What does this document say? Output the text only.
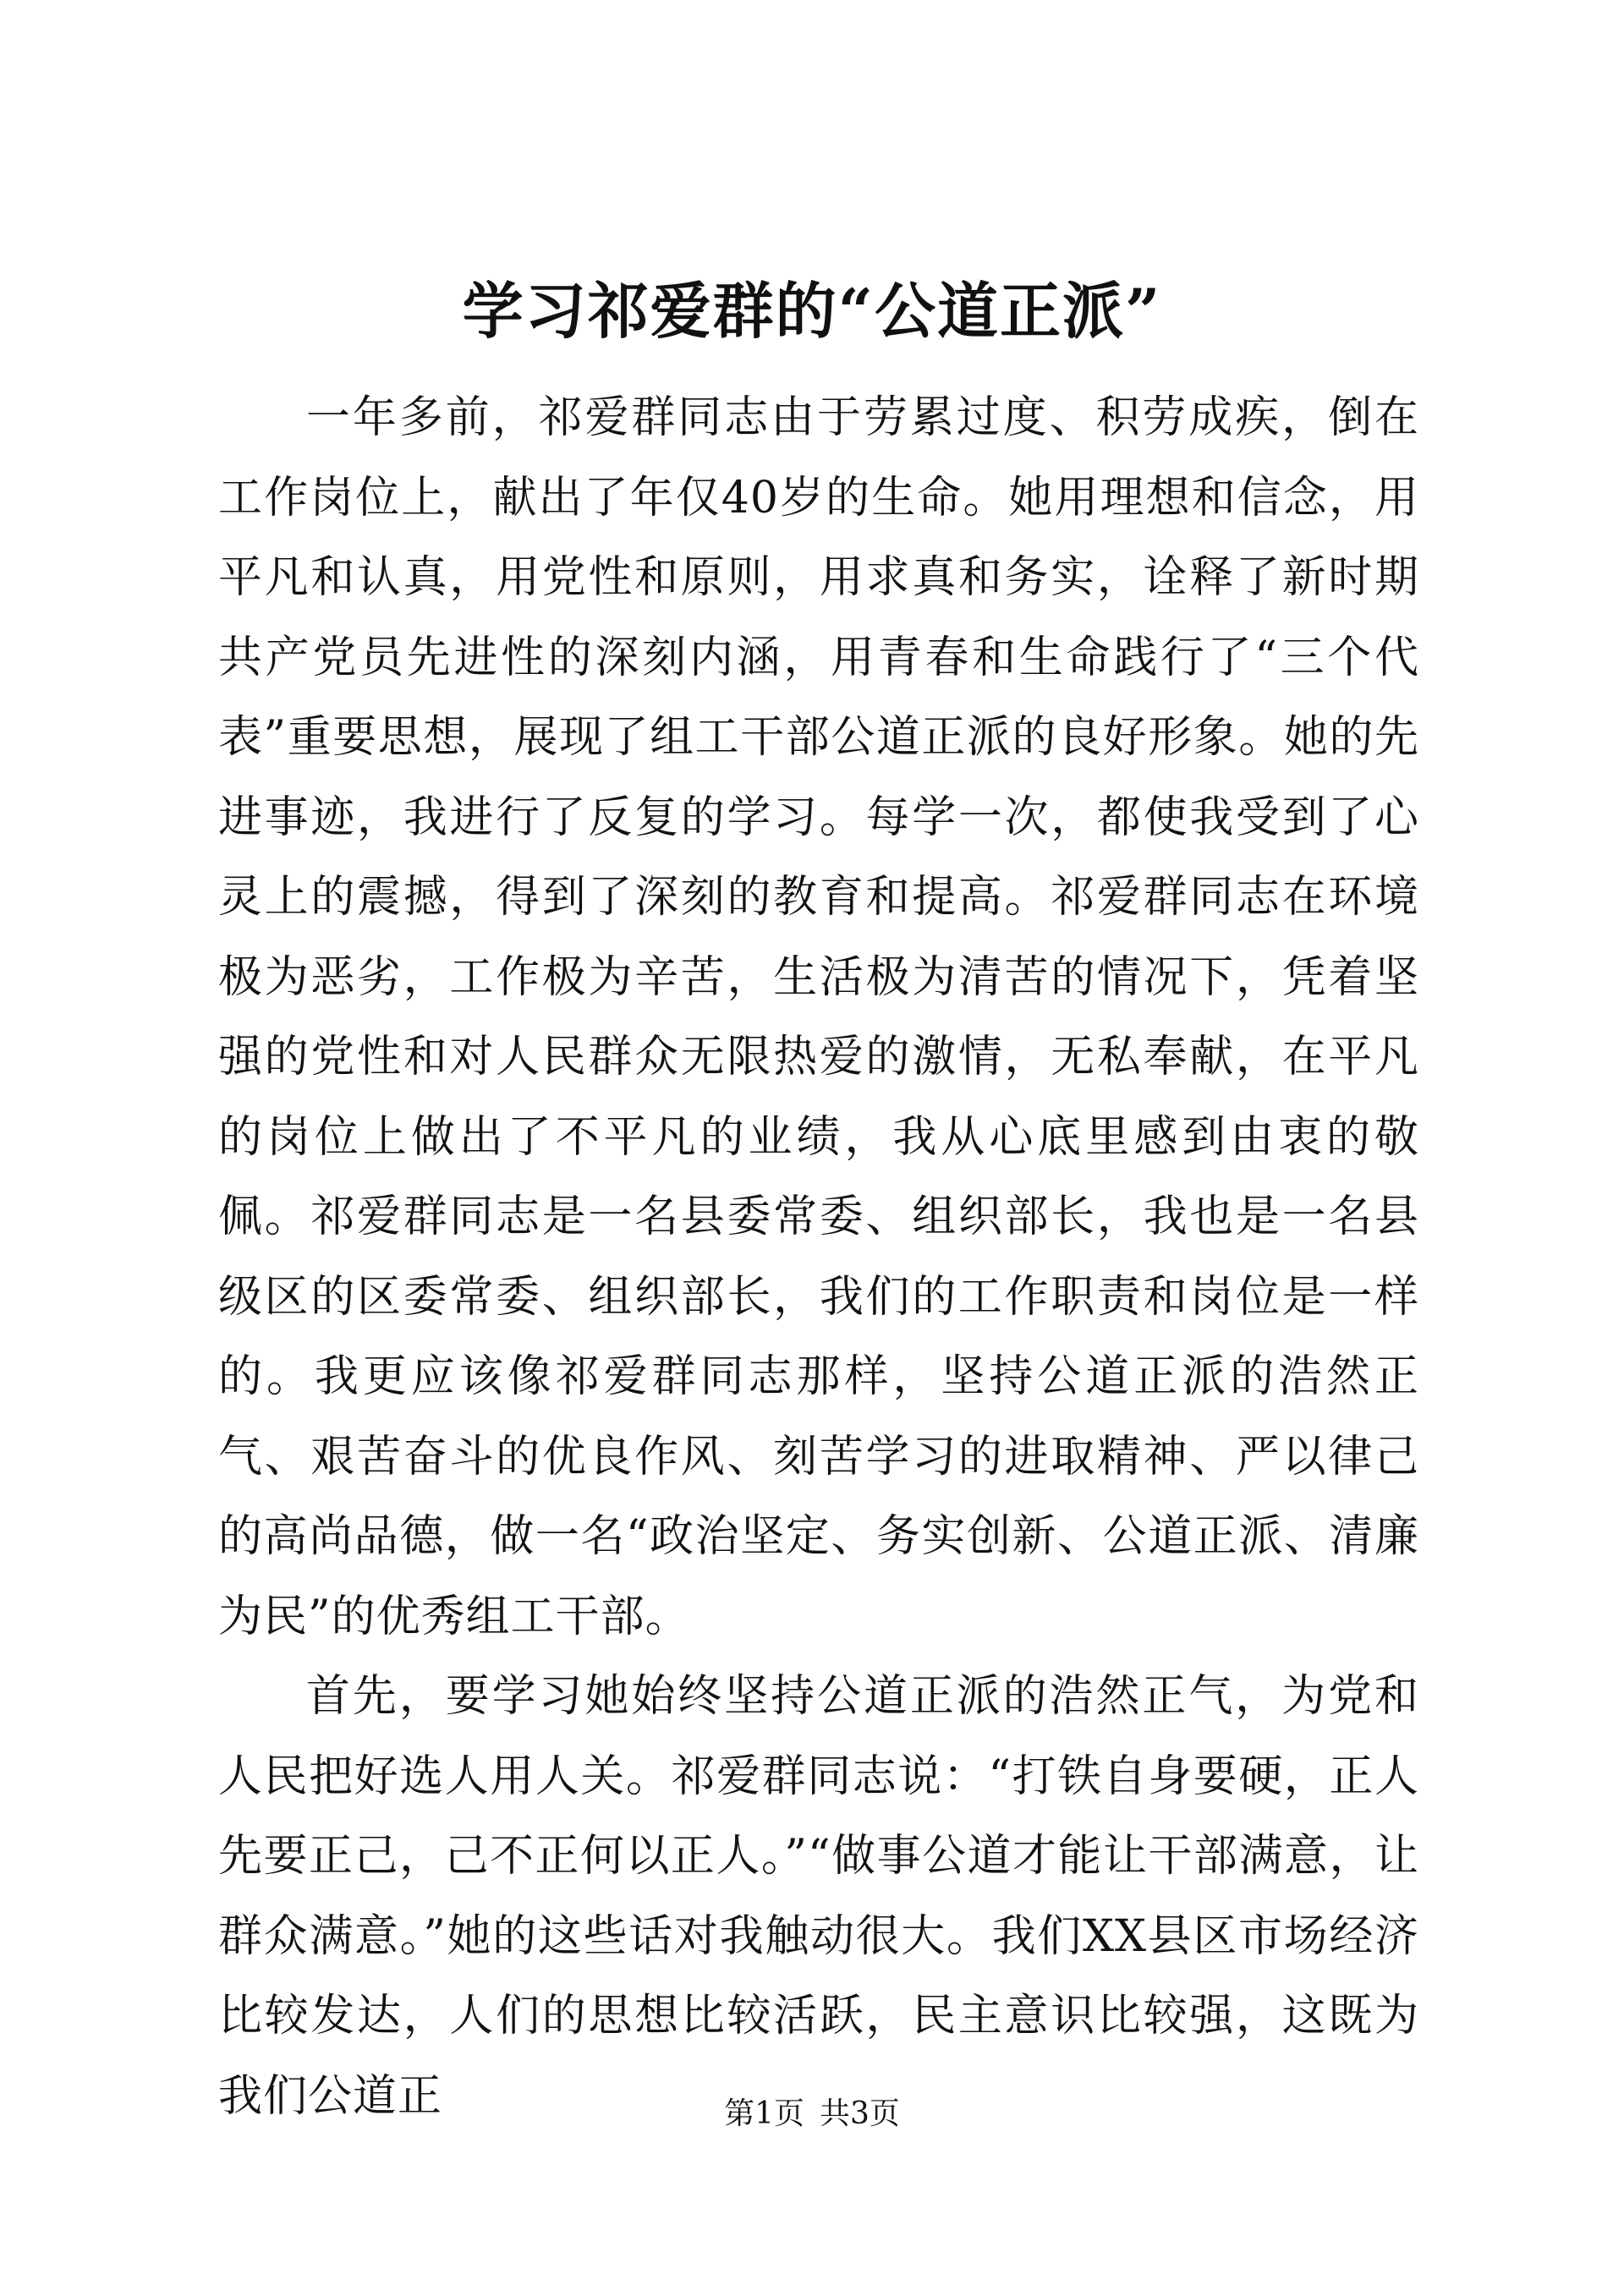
学习祁爱群的“公道正派”

一年多前，祁爱群同志由于劳累过度、积劳成疾，倒在工作岗位上，献出了年仅40岁的生命。她用理想和信念，用平凡和认真，用党性和原则，用求真和务实，诠释了新时期共产党员先进性的深刻内涵，用青春和生命践行了“三个代表”重要思想，展现了组工干部公道正派的良好形象。她的先进事迹，我进行了反复的学习。每学一次，都使我受到了心灵上的震撼，得到了深刻的教育和提高。祁爱群同志在环境极为恶劣，工作极为辛苦，生活极为清苦的情况下，凭着坚强的党性和对人民群众无限热爱的激情，无私奉献，在平凡的岗位上做出了不平凡的业绩，我从心底里感到由衷的敬佩。祁爱群同志是一名县委常委、组织部长，我也是一名县级区的区委常委、组织部长，我们的工作职责和岗位是一样的。我更应该像祁爱群同志那样，坚持公道正派的浩然正气、艰苦奋斗的优良作风、刻苦学习的进取精神、严以律己的高尚品德，做一名“政治坚定、务实创新、公道正派、清廉为民”的优秀组工干部。

首先，要学习她始终坚持公道正派的浩然正气，为党和人民把好选人用人关。祁爱群同志说：“打铁自身要硬，正人先要正己，己不正何以正人。”“做事公道才能让干部满意，让群众满意。”她的这些话对我触动很大。我们XX县区市场经济比较发达，人们的思想比较活跃，民主意识比较强，这既为我们公道正	第1页 共3页
